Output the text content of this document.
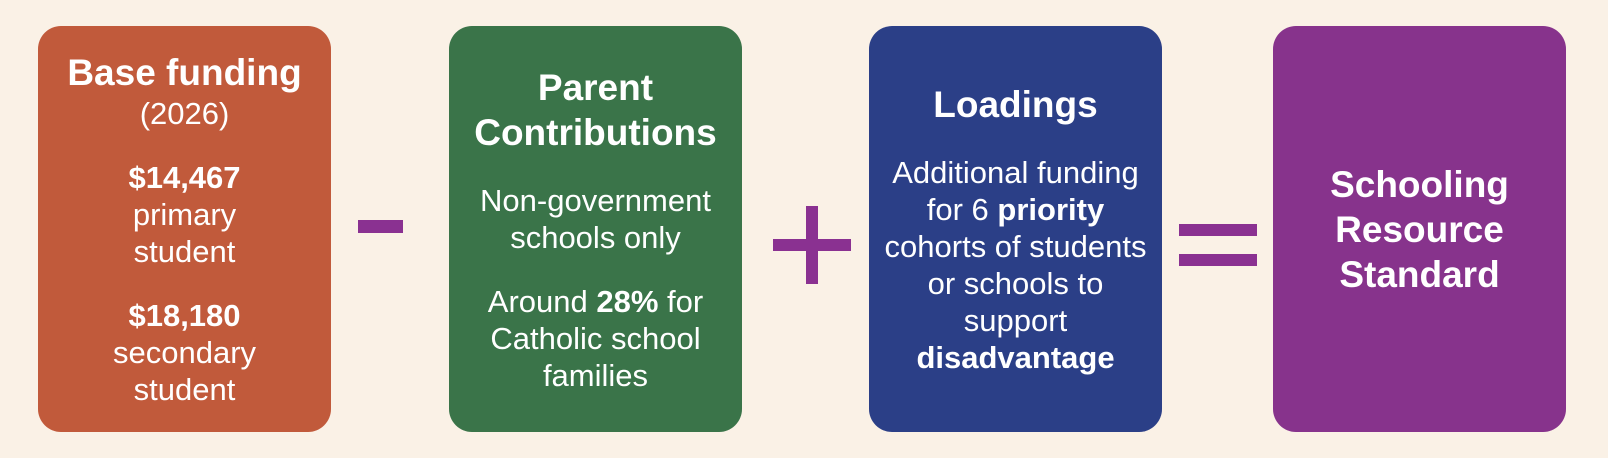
Base funding

(2026)

$14,467
primary
student

$18,180
secondary
student

Parent
Contributions

Non-government
schools only

Around 28% for
Catholic school
families

Loadings

Additional funding
for 6 priority
cohorts of students
or schools to
support
disadvantage

Schooling
Resource
Standard
